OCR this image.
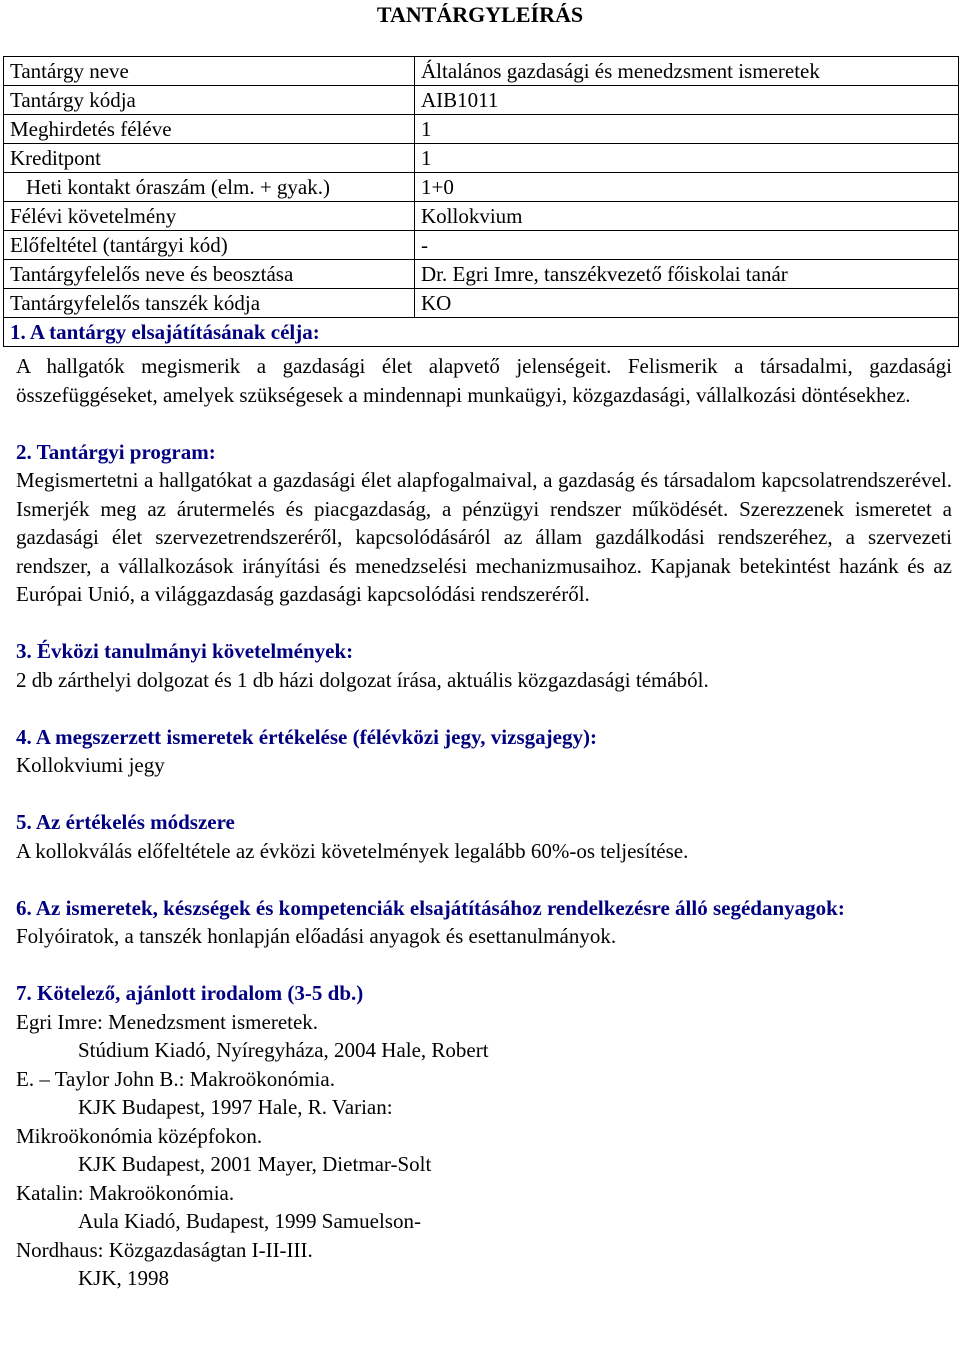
TANTÁRGYLEÍRÁS
Tantárgy neve	Általános gazdasági és menedzsment ismeretek
Tantárgy kódja	AIB1011
Meghirdetés féléve	1
Kreditpont	1
Heti kontakt óraszám (elm. + gyak.)	1+0
Félévi követelmény	Kollokvium
Előfeltétel (tantárgyi kód)	-
Tantárgyfelelős neve és beosztása	Dr. Egri Imre, tanszékvezető főiskolai tanár
Tantárgyfelelős tanszék kódja	KO
1. A tantárgy elsajátításának célja:	

A hallgatók megismerik a gazdasági élet alapvető jelenségeit. Felismerik a társadalmi, gazdasági összefüggéseket, amelyek szükségesek a mindennapi munkaügyi, közgazdasági, vállalkozási döntésekhez.

2. Tantárgyi program:

Megismertetni a hallgatókat a gazdasági élet alapfogalmaival, a gazdaság és társadalom kapcsolatrendszerével. Ismerjék meg az árutermelés és piacgazdaság, a pénzügyi rendszer működését. Szerezzenek ismeretet a gazdasági élet szervezetrendszeréről, kapcsolódásáról az állam gazdálkodási rendszeréhez, a szervezeti rendszer, a vállalkozások irányítási és menedzselési mechanizmusaihoz. Kapjanak betekintést hazánk és az Európai Unió, a világgazdaság gazdasági kapcsolódási rendszeréről.

3. Évközi tanulmányi követelmények:

2 db zárthelyi dolgozat és 1 db házi dolgozat írása, aktuális közgazdasági témából.

4. A megszerzett ismeretek értékelése (félévközi jegy, vizsgajegy):

Kollokviumi jegy

5. Az értékelés módszere

A kollokválás előfeltétele az évközi követelmények legalább 60%-os teljesítése.

6. Az ismeretek, készségek és kompetenciák elsajátításához rendelkezésre álló segédanyagok:

Folyóiratok, a tanszék honlapján előadási anyagok és esettanulmányok.

7. Kötelező, ajánlott irodalom (3-5 db.)

Egri Imre: Menedzsment ismeretek.

Stúdium Kiadó, Nyíregyháza, 2004 Hale, Robert

E. – Taylor John B.: Makroökonómia.

KJK Budapest, 1997 Hale, R. Varian:

Mikroökonómia középfokon.

KJK Budapest, 2001 Mayer, Dietmar-Solt

Katalin: Makroökonómia.

Aula Kiadó, Budapest, 1999 Samuelson-

Nordhaus: Közgazdaságtan I-II-III.

KJK, 1998
